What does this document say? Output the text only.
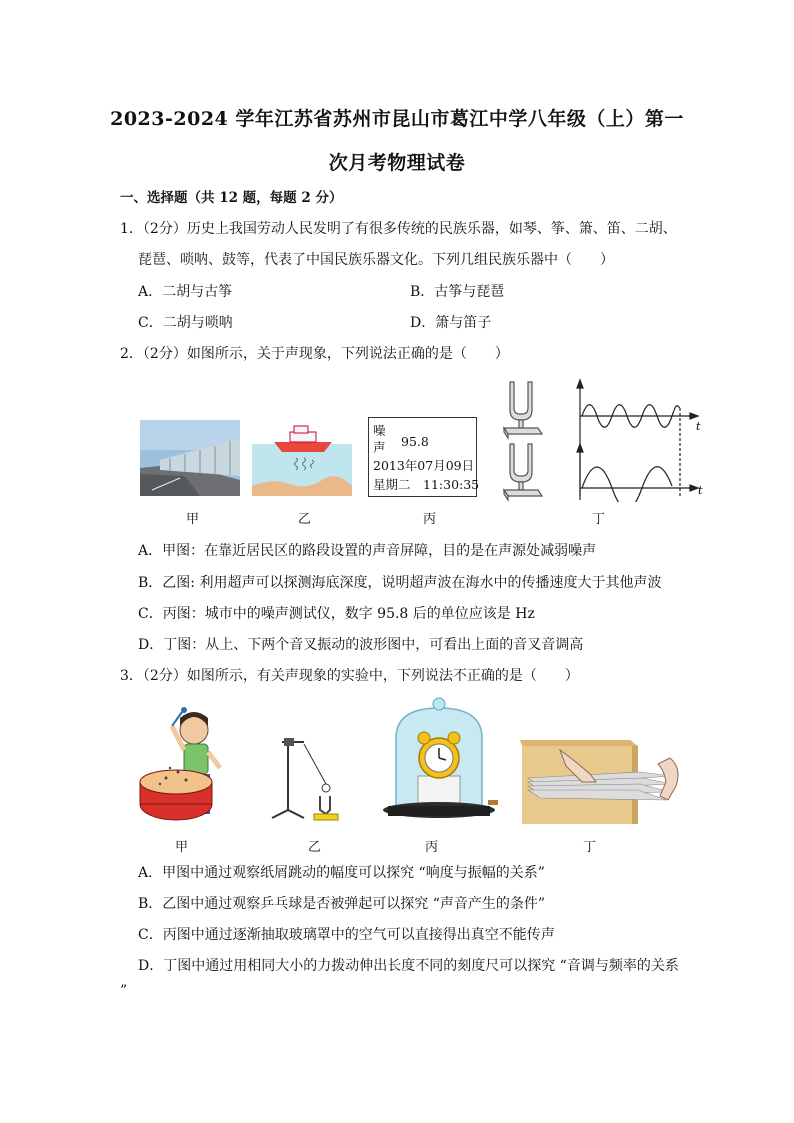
2023-2024 学年江苏省苏州市昆山市葛江中学八年级（上）第一
次月考物理试卷
一、选择题（共 12 题，每题 2 分）
1．（2分）历史上我国劳动人民发明了有很多传统的民族乐器，如琴、筝、箫、笛、二胡、
琵琶、唢呐、鼓等，代表了中国民族乐器文化。下列几组民族乐器中（　　）
A．二胡与古筝	B．古筝与琵琶
C．二胡与唢呐	D．箫与笛子
2．（2分）如图所示，关于声现象，下列说法正确的是（　　）
甲	乙
噪
声 95.8
2013年07月09日
星期二 11:30:35
丙
t
t
丁
A．甲图：在靠近居民区的路段设置的声音屏障，目的是在声源处减弱噪声
B．乙图: 利用超声可以探测海底深度，说明超声波在海水中的传播速度大于其他声波
C．丙图：城市中的噪声测试仪，数字 95.8 后的单位应该是 Hz
D．丁图：从上、下两个音叉振动的波形图中，可看出上面的音叉音调高
3．（2分）如图所示，有关声现象的实验中，下列说法不正确的是（　　）
甲	乙	丙	丁
A．甲图中通过观察纸屑跳动的幅度可以探究 “响度与振幅的关系”
B．乙图中通过观察乒乓球是否被弹起可以探究 “声音产生的条件”
C．丙图中通过逐渐抽取玻璃罩中的空气可以直接得出真空不能传声
D．丁图中通过用相同大小的力拨动伸出长度不同的刻度尺可以探究 “音调与频率的关系
”
